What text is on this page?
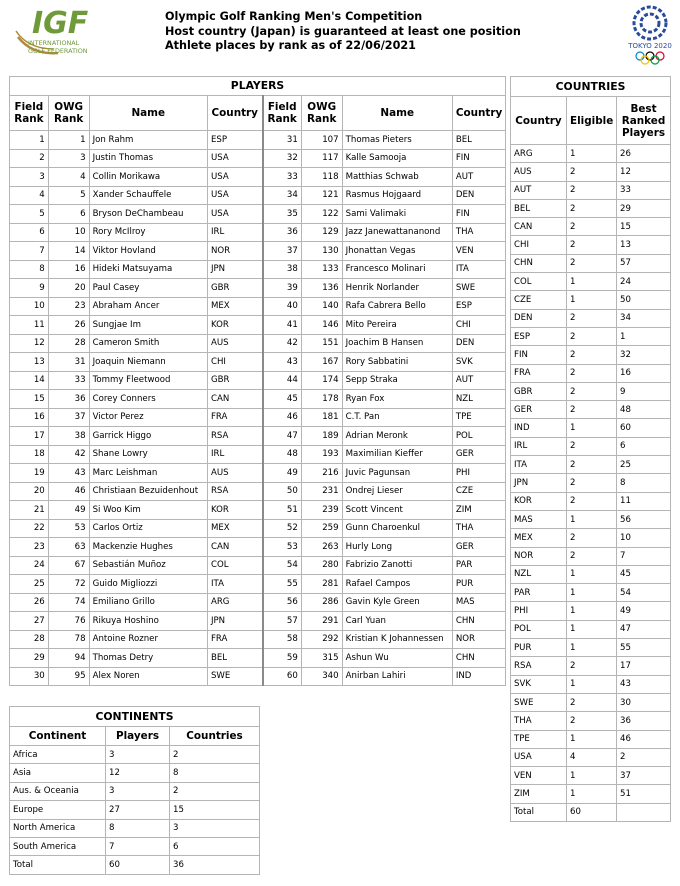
IGF
INTERNATIONAL
GOLF FEDERATION
Olympic Golf Ranking Men's Competition
Host country (Japan) is guaranteed at least one position
Athlete places by rank as of 22/06/2021	TOKYO 2020
PLAYERS							
Field Rank	OWG Rank	Name	Country	Field Rank	OWG Rank	Name	Country
1	1	Jon Rahm	ESP	31	107	Thomas Pieters	BEL
2	3	Justin Thomas	USA	32	117	Kalle Samooja	FIN
3	4	Collin Morikawa	USA	33	118	Matthias Schwab	AUT
4	5	Xander Schauffele	USA	34	121	Rasmus Hojgaard	DEN
5	6	Bryson DeChambeau	USA	35	122	Sami Valimaki	FIN
6	10	Rory McIlroy	IRL	36	129	Jazz Janewattananond	THA
7	14	Viktor Hovland	NOR	37	130	Jhonattan Vegas	VEN
8	16	Hideki Matsuyama	JPN	38	133	Francesco Molinari	ITA
9	20	Paul Casey	GBR	39	136	Henrik Norlander	SWE
10	23	Abraham Ancer	MEX	40	140	Rafa Cabrera Bello	ESP
11	26	Sungjae Im	KOR	41	146	Mito Pereira	CHI
12	28	Cameron Smith	AUS	42	151	Joachim B Hansen	DEN
13	31	Joaquin Niemann	CHI	43	167	Rory Sabbatini	SVK
14	33	Tommy Fleetwood	GBR	44	174	Sepp Straka	AUT
15	36	Corey Conners	CAN	45	178	Ryan Fox	NZL
16	37	Victor Perez	FRA	46	181	C.T. Pan	TPE
17	38	Garrick Higgo	RSA	47	189	Adrian Meronk	POL
18	42	Shane Lowry	IRL	48	193	Maximilian Kieffer	GER
19	43	Marc Leishman	AUS	49	216	Juvic Pagunsan	PHI
20	46	Christiaan Bezuidenhout	RSA	50	231	Ondrej Lieser	CZE
21	49	Si Woo Kim	KOR	51	239	Scott Vincent	ZIM
22	53	Carlos Ortiz	MEX	52	259	Gunn Charoenkul	THA
23	63	Mackenzie Hughes	CAN	53	263	Hurly Long	GER
24	67	Sebastián Muñoz	COL	54	280	Fabrizio Zanotti	PAR
25	72	Guido Migliozzi	ITA	55	281	Rafael Campos	PUR
26	74	Emiliano Grillo	ARG	56	286	Gavin Kyle Green	MAS
27	76	Rikuya Hoshino	JPN	57	291	Carl Yuan	CHN
28	78	Antoine Rozner	FRA	58	292	Kristian K Johannessen	NOR
29	94	Thomas Detry	BEL	59	315	Ashun Wu	CHN
30	95	Alex Noren	SWE	60	340	Anirban Lahiri	IND
CONTINENTS		
Continent	Players	Countries
Africa	3	2
Asia	12	8
Aus. & Oceania	3	2
Europe	27	15
North America	8	3
South America	7	6
Total	60	36
COUNTRIES		
Country	Eligible	Best Ranked Players
ARG	1	26
AUS	2	12
AUT	2	33
BEL	2	29
CAN	2	15
CHI	2	13
CHN	2	57
COL	1	24
CZE	1	50
DEN	2	34
ESP	2	1
FIN	2	32
FRA	2	16
GBR	2	9
GER	2	48
IND	1	60
IRL	2	6
ITA	2	25
JPN	2	8
KOR	2	11
MAS	1	56
MEX	2	10
NOR	2	7
NZL	1	45
PAR	1	54
PHI	1	49
POL	1	47
PUR	1	55
RSA	2	17
SVK	1	43
SWE	2	30
THA	2	36
TPE	1	46
USA	4	2
VEN	1	37
ZIM	1	51
Total	60	
